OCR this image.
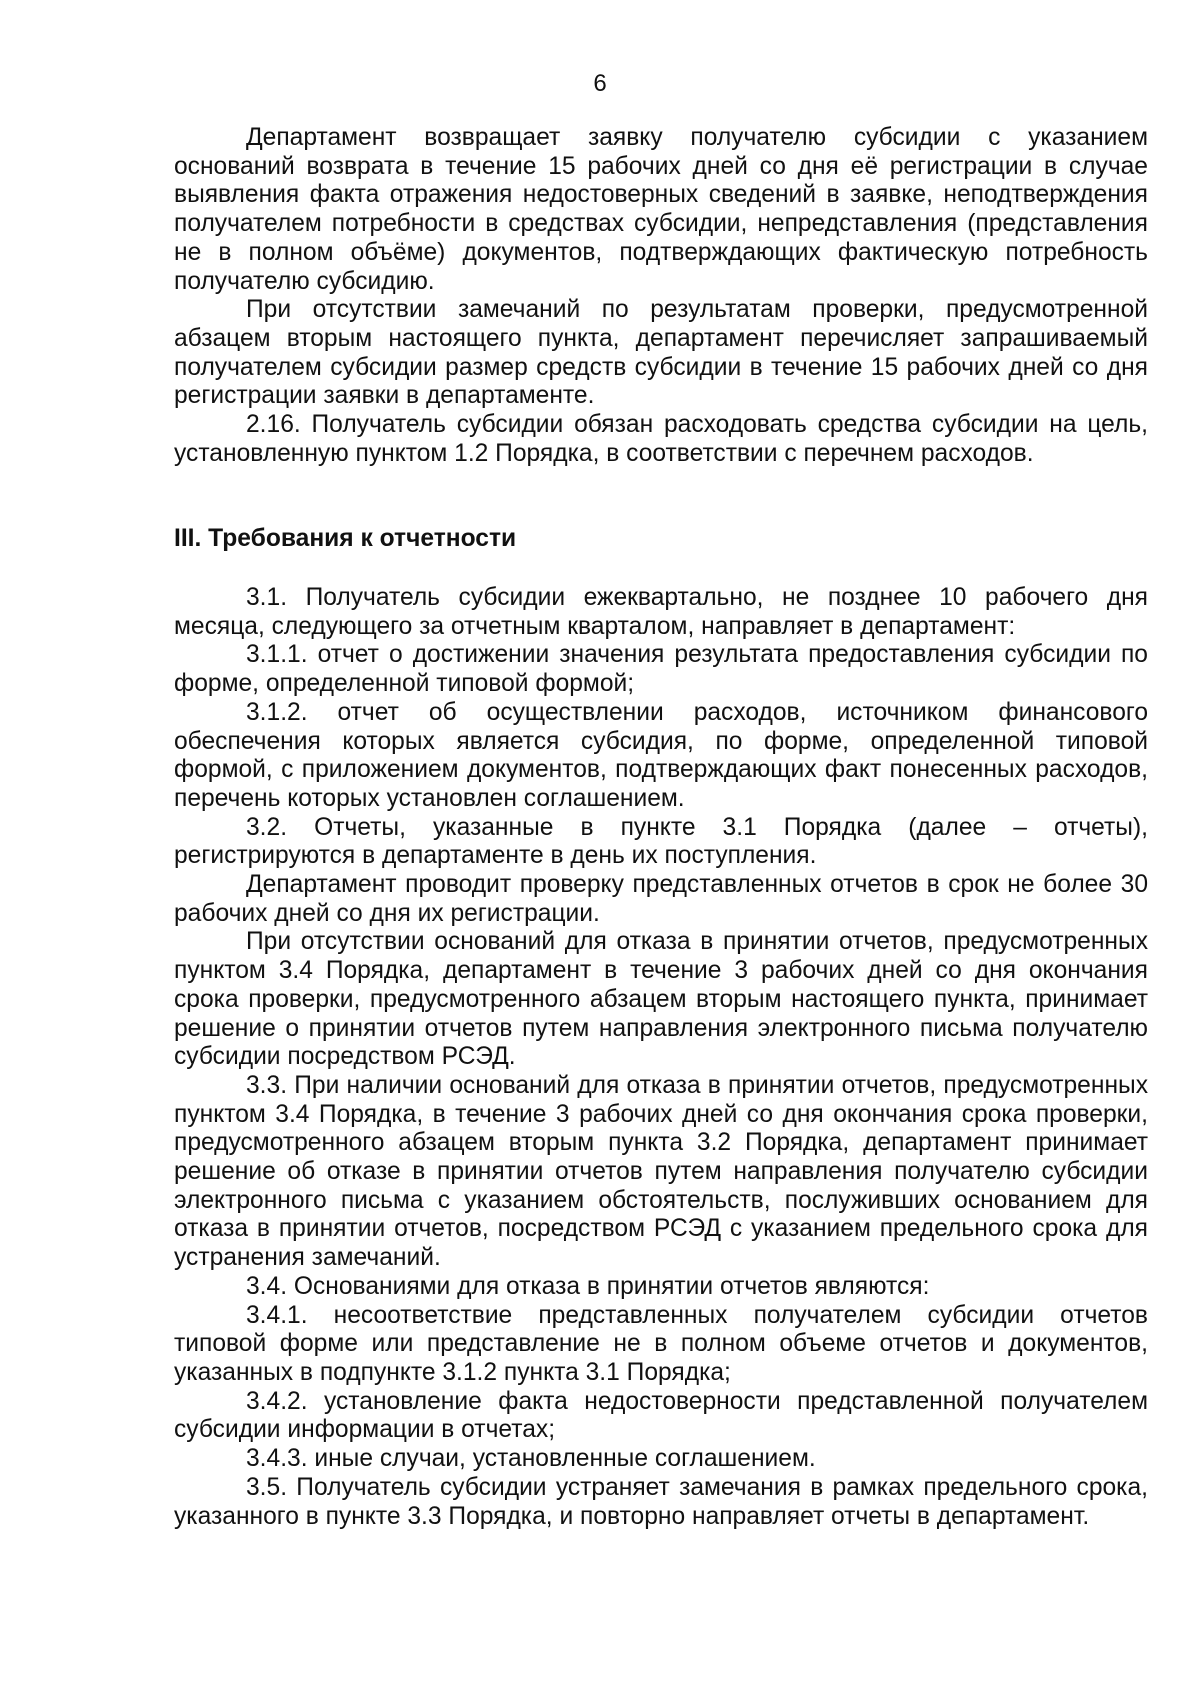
6

Департамент возвращает заявку получателю субсидии с указанием оснований возврата в течение 15 рабочих дней со дня её регистрации в случае выявления факта отражения недостоверных сведений в заявке, неподтверждения получателем потребности в средствах субсидии, непредставления (представления не в полном объёме) документов, подтверждающих фактическую потребность получателю субсидию.

При отсутствии замечаний по результатам проверки, предусмотренной абзацем вторым настоящего пункта, департамент перечисляет запрашиваемый получателем субсидии размер средств субсидии в течение 15 рабочих дней со дня регистрации заявки в департаменте.

2.16. Получатель субсидии обязан расходовать средства субсидии на цель, установленную пунктом 1.2 Порядка, в соответствии с перечнем расходов.

III. Требования к отчетности

3.1. Получатель субсидии ежеквартально, не позднее 10 рабочего дня месяца, следующего за отчетным кварталом, направляет в департамент:

3.1.1. отчет о достижении значения результата предоставления субсидии по форме, определенной типовой формой;

3.1.2. отчет об осуществлении расходов, источником финансового обеспечения которых является субсидия, по форме, определенной типовой формой, с приложением документов, подтверждающих факт понесенных расходов, перечень которых установлен соглашением.

3.2. Отчеты, указанные в пункте 3.1 Порядка (далее – отчеты), регистрируются в департаменте в день их поступления.

Департамент проводит проверку представленных отчетов в срок не более 30 рабочих дней со дня их регистрации.

При отсутствии оснований для отказа в принятии отчетов, предусмотренных пунктом 3.4 Порядка, департамент в течение 3 рабочих дней со дня окончания срока проверки, предусмотренного абзацем вторым настоящего пункта, принимает решение о принятии отчетов путем направления электронного письма получателю субсидии посредством РСЭД.

3.3. При наличии оснований для отказа в принятии отчетов, предусмотренных пунктом 3.4 Порядка, в течение 3 рабочих дней со дня окончания срока проверки, предусмотренного абзацем вторым пункта 3.2 Порядка, департамент принимает решение об отказе в принятии отчетов путем направления получателю субсидии электронного письма с указанием обстоятельств, послуживших основанием для отказа в принятии отчетов, посредством РСЭД с указанием предельного срока для устранения замечаний.

3.4. Основаниями для отказа в принятии отчетов являются:

3.4.1. несоответствие представленных получателем субсидии отчетов типовой форме или представление не в полном объеме отчетов и документов, указанных в подпункте 3.1.2 пункта 3.1 Порядка;

3.4.2. установление факта недостоверности представленной получателем субсидии информации в отчетах;

3.4.3. иные случаи, установленные соглашением.

3.5. Получатель субсидии устраняет замечания в рамках предельного срока, указанного в пункте 3.3 Порядка, и повторно направляет отчеты в департамент.
